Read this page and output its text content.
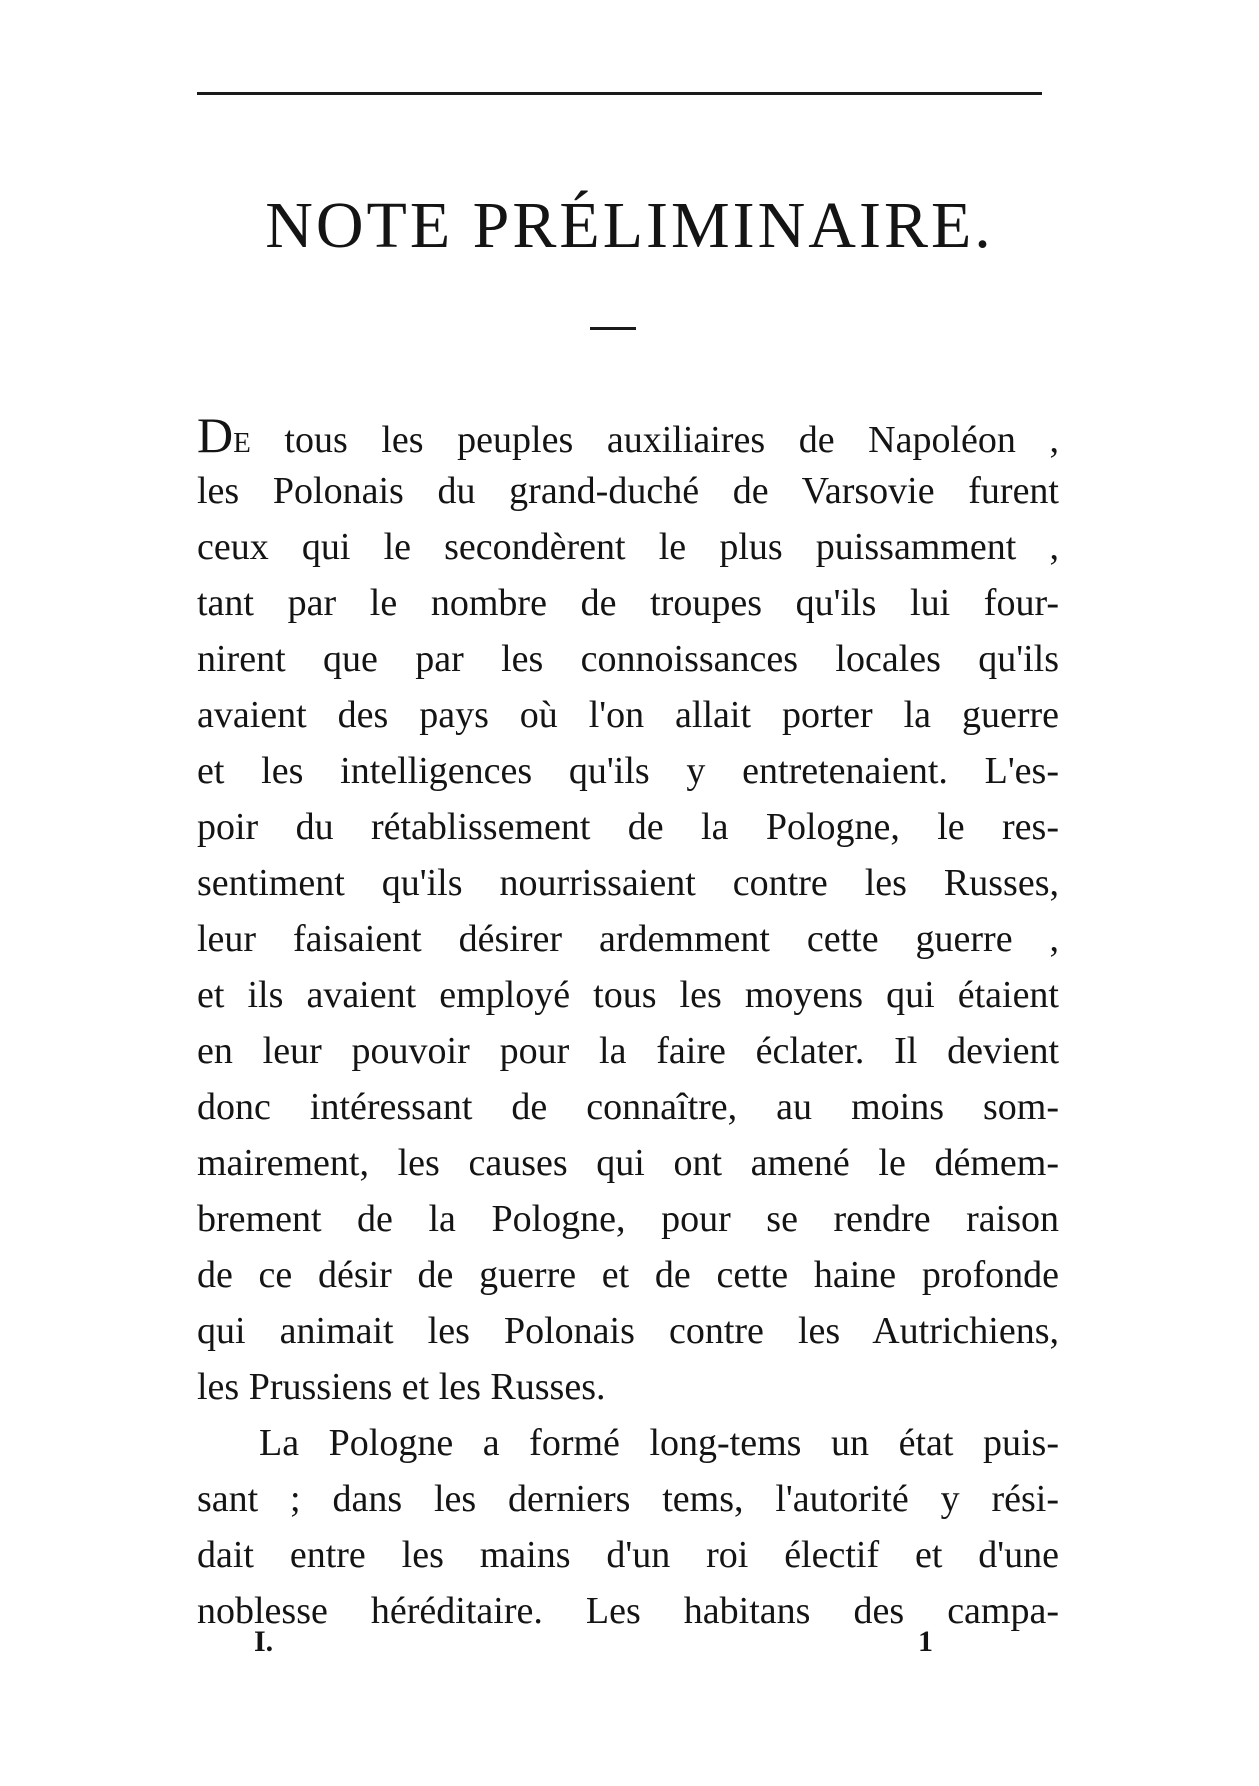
NOTE PRÉLIMINAIRE.
DE tous les peuples auxiliaires de Napoléon ,
les Polonais du grand-duché de Varsovie furent
ceux qui le secondèrent le plus puissamment ,
tant par le nombre de troupes qu'ils lui four-
nirent que par les connoissances locales qu'ils
avaient des pays où l'on allait porter la guerre
et les intelligences qu'ils y entretenaient. L'es-
poir du rétablissement de la Pologne, le res-
sentiment qu'ils nourrissaient contre les Russes,
leur faisaient désirer ardemment cette guerre ,
et ils avaient employé tous les moyens qui étaient
en leur pouvoir pour la faire éclater. Il devient
donc intéressant de connaître, au moins som-
mairement, les causes qui ont amené le démem-
brement de la Pologne, pour se rendre raison
de ce désir de guerre et de cette haine profonde
qui animait les Polonais contre les Autrichiens,
les Prussiens et les Russes.
La Pologne a formé long-tems un état puis-
sant ; dans les derniers tems, l'autorité y rési-
dait entre les mains d'un roi électif et d'une
noblesse héréditaire. Les habitans des campa-
I.	1
